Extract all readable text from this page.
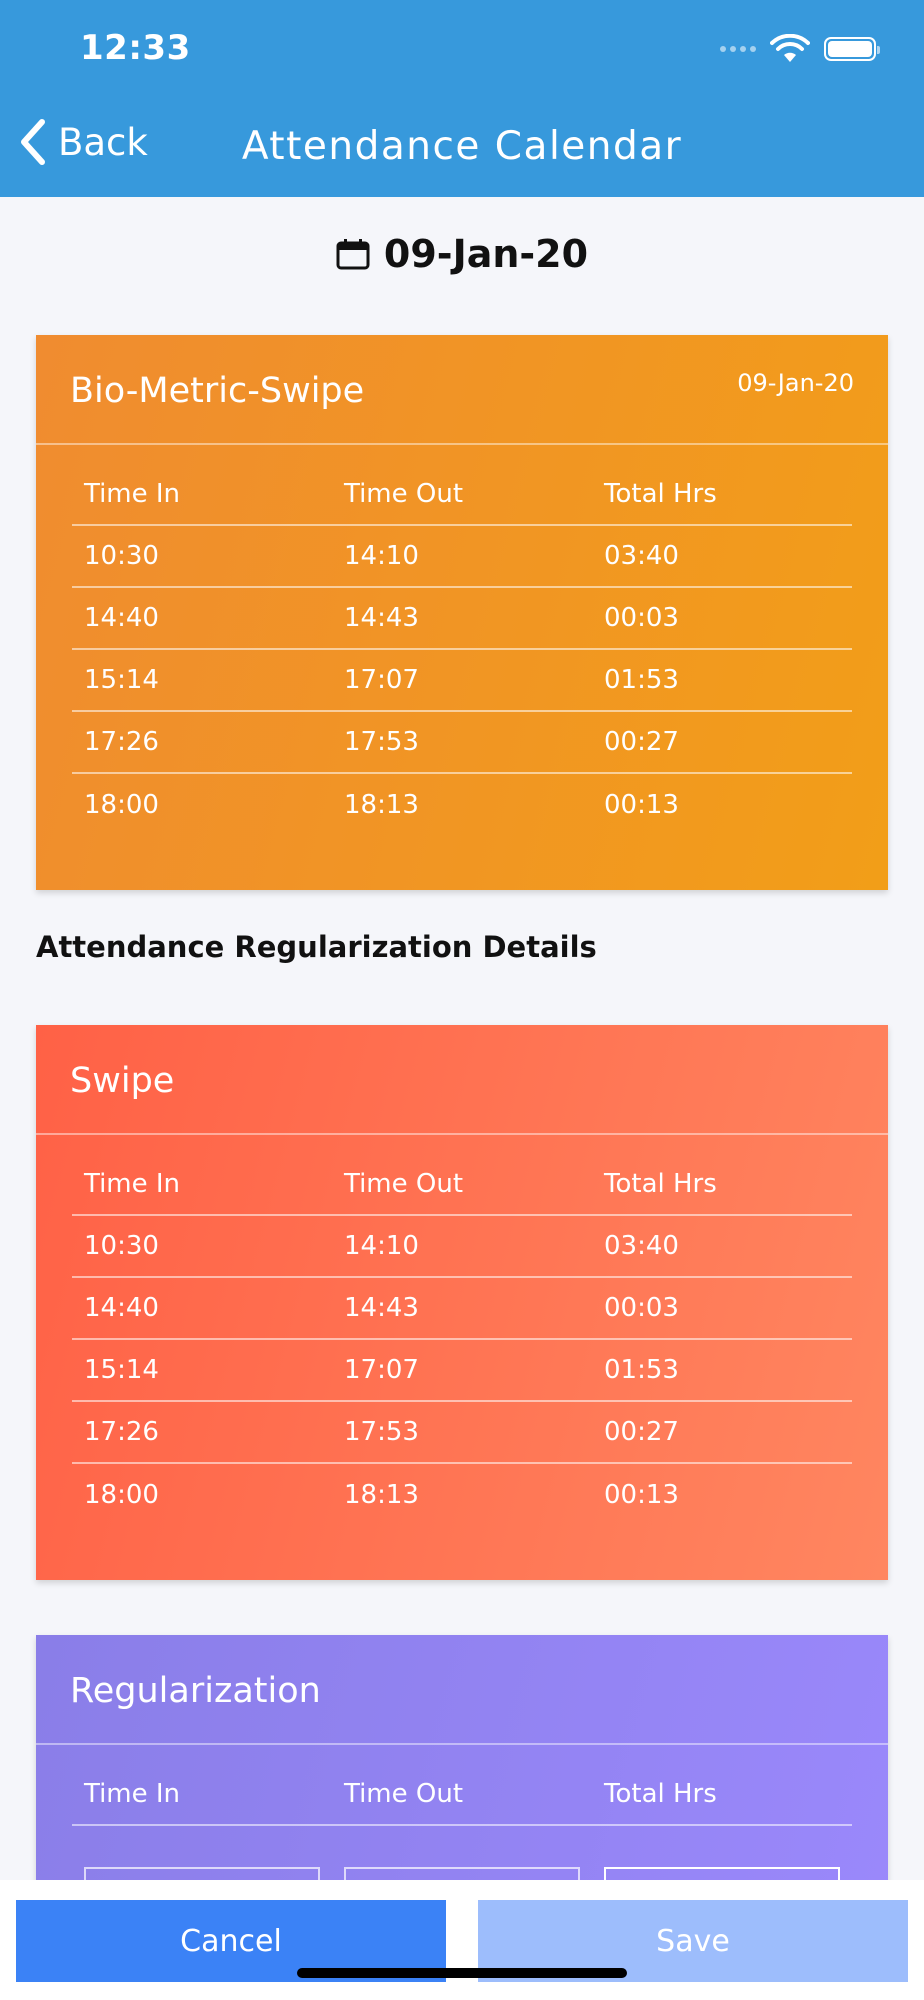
12:33
Back	Attendance Calendar
09-Jan-20
Bio-Metric-Swipe	09-Jan-20
Time In	Time Out	Total Hrs
10:30	14:10	03:40
14:40	14:43	00:03
15:14	17:07	01:53
17:26	17:53	00:27
18:00	18:13	00:13
Attendance Regularization Details
Swipe
Time In	Time Out	Total Hrs
10:30	14:10	03:40
14:40	14:43	00:03
15:14	17:07	01:53
17:26	17:53	00:27
18:00	18:13	00:13
Regularization
Time In	Time Out	Total Hrs
Cancel	Save
